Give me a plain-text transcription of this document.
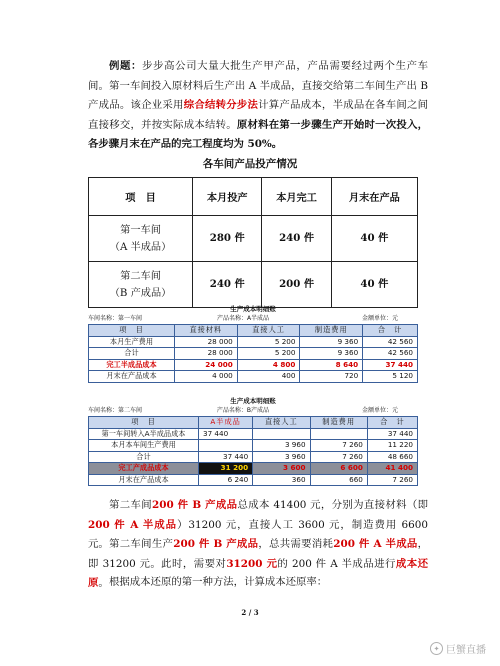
例题：步步高公司大量大批生产甲产品，产品需要经过两个生产车间。第一车间投入原材料后生产出 A 半成品，直接交给第二车间生产出 B 产成品。该企业采用综合结转分步法计算产品成本，半成品在各车间之间直接移交，并按实际成本结转。原材料在第一步骤生产开始时一次投入，各步骤月末在产品的完工程度均为 50%。
各车间产品投产情况
项　目	本月投产	本月完工	月末在产品
第一车间
（A 半成品）	280 件	240 件	40 件
第二车间
（B 产成品）	240 件	200 件	40 件
生产成本明细账
车间名称：第一车间	产品名称：A半成品	金额单位：元
项　目	直接材料	直接人工	制造费用	合　计
本月生产费用	28 000	5 200	9 360	42 560
合计	28 000	5 200	9 360	42 560
完工半成品成本	24 000	4 800	8 640	37 440
月末在产品成本	4 000	400	720	5 120
生产成本明细账
车间名称：第二车间	产品名称：B产成品	金额单位：元
项　目	A半成品	直接人工	制造费用	合　计
第一车间转入A半成品成本	37 440			37 440
本月本车间生产费用		3 960	7 260	11 220
合计	37 440	3 960	7 260	48 660
完工产成品成本	31 200	3 600	6 600	41 400
月末在产品成本	6 240	360	660	7 260
第二车间200 件 B 产成品总成本 41400 元，分别为直接材料（即200 件 A 半成品）31200 元，直接人工 3600 元，制造费用 6600 元。 第二车间生产200 件 B 产成品，总共需要消耗200 件 A 半成品，即 31200 元。此时，需要对31200 元的 200 件 A 半成品进行成本还原。 根据成本还原的第一种方法，计算成本还原率：
2 / 3
✦ 巨蟹直播
